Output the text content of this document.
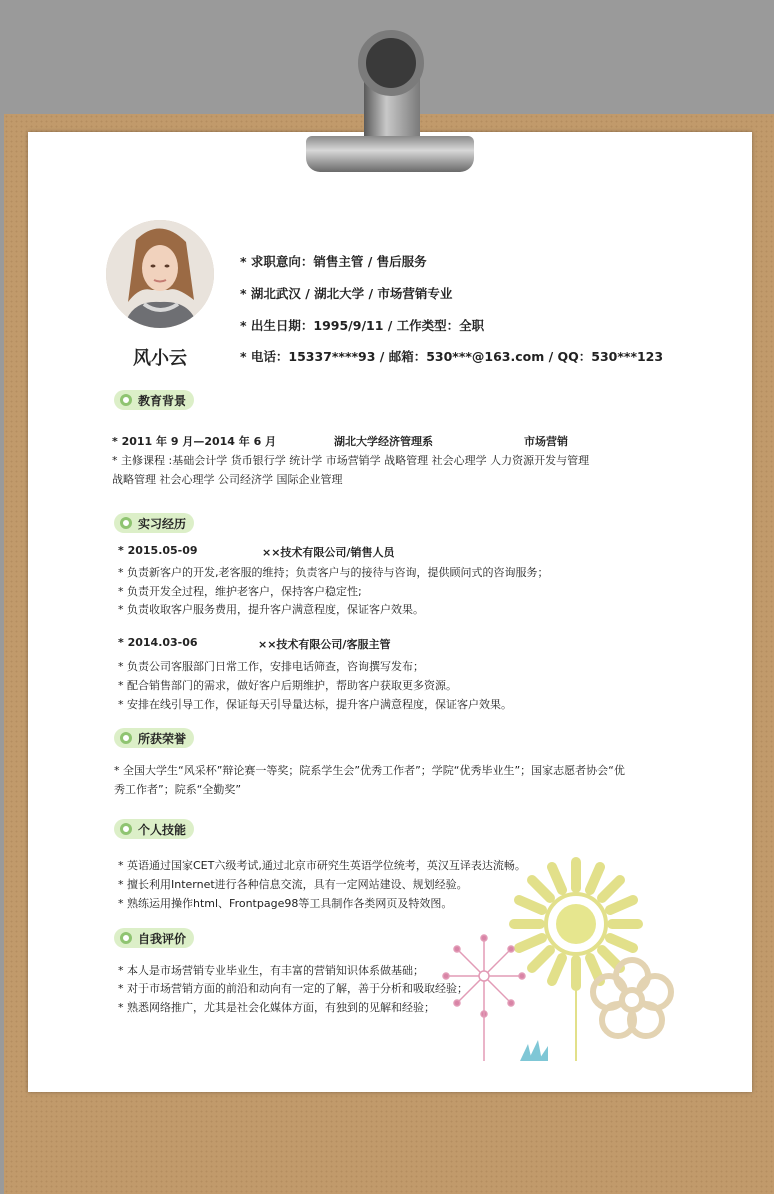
风小云
* 求职意向：销售主管 / 售后服务
* 湖北武汉 / 湖北大学 / 市场营销专业
* 出生日期：1995/9/11 / 工作类型：全职
* 电话：15337****93 / 邮箱：530***@163.com / QQ：530***123
教育背景
* 2011 年 9 月—2014 年 6 月	湖北大学经济管理系	市场营销
* 主修课程 :基础会计学 货币银行学 统计学 市场营销学 战略管理 社会心理学 人力资源开发与管理
战略管理 社会心理学 公司经济学 国际企业管理
实习经历
* 2015.05-09	××技术有限公司/销售人员
* 负责新客户的开发,老客服的维持；负责客户与的接待与咨询，提供顾问式的咨询服务；
* 负责开发全过程，维护老客户，保持客户稳定性;
* 负责收取客户服务费用，提升客户满意程度，保证客户效果。
* 2014.03-06	××技术有限公司/客服主管
* 负责公司客服部门日常工作，安排电话筛查，咨询撰写发布；
* 配合销售部门的需求，做好客户后期维护，帮助客户获取更多资源。
* 安排在线引导工作，保证每天引导量达标，提升客户满意程度，保证客户效果。
所获荣誉
* 全国大学生“风采杯”辩论赛一等奖；院系学生会”优秀工作者”；学院“优秀毕业生”；国家志愿者协会“优
秀工作者”；院系“全勤奖”
个人技能
* 英语通过国家CET六级考试,通过北京市研究生英语学位统考，英汉互译表达流畅。
* 擅长利用Internet进行各种信息交流，具有一定网站建设、规划经验。
* 熟练运用操作html、Frontpage98等工具制作各类网页及特效图。
自我评价
* 本人是市场营销专业毕业生，有丰富的营销知识体系做基础；
* 对于市场营销方面的前沿和动向有一定的了解，善于分析和吸取经验；
* 熟悉网络推广，尤其是社会化媒体方面，有独到的见解和经验；
